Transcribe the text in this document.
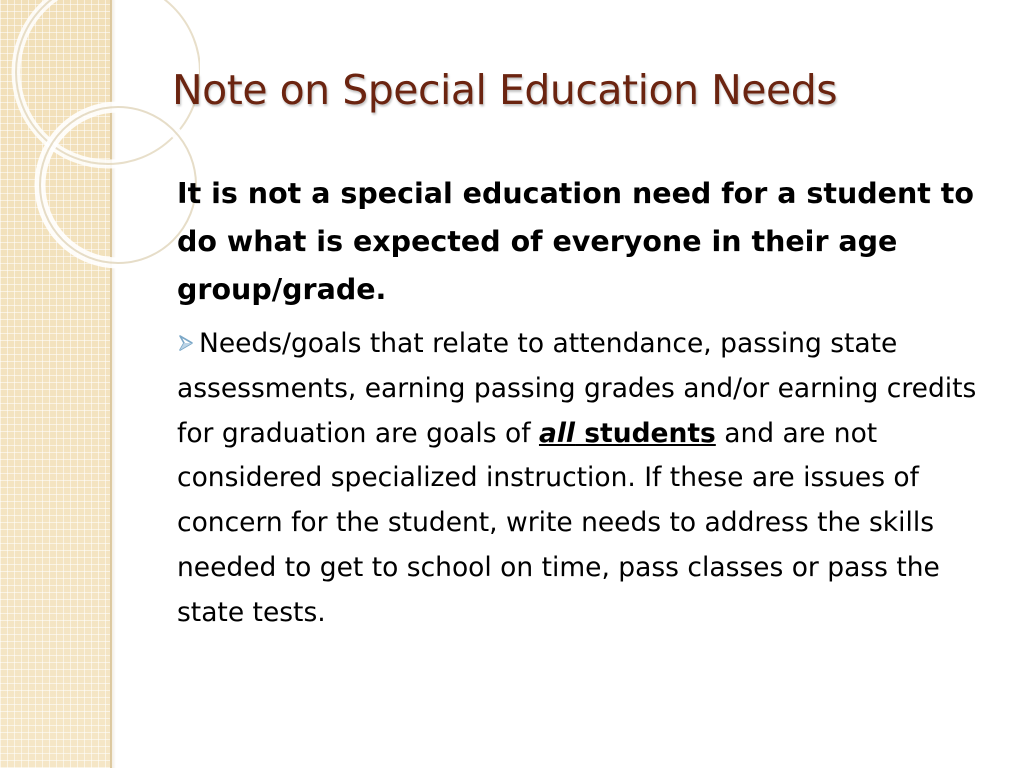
Note on Special Education Needs

It is not a special education need for a student to do what is expected of everyone in their age group/grade.

Needs/goals that relate to attendance, passing state assessments, earning passing grades and/or earning credits for graduation are goals of all students and are not considered specialized instruction. If these are issues of concern for the student, write needs to address the skills needed to get to school on time, pass classes or pass the state tests.
